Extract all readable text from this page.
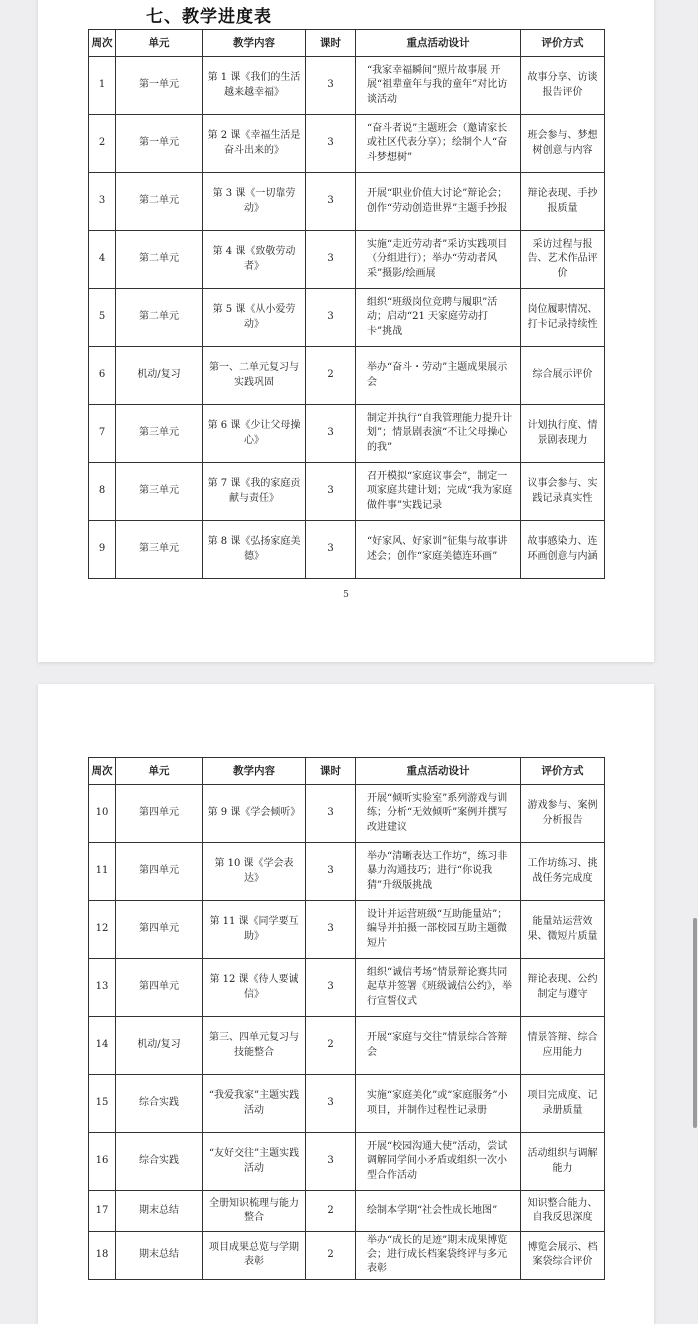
七、教学进度表
周次	单元	教学内容	课时	重点活动设计	评价方式
1	第一单元	第 1 课《我们的生活越来越幸福》	3	“我家幸福瞬间”照片故事展 开展“祖辈童年与我的童年”对比访谈活动	故事分享、访谈报告评价
2	第一单元	第 2 课《幸福生活是奋斗出来的》	3	“奋斗者说”主题班会（邀请家长或社区代表分享）；绘制个人“奋斗梦想树”	班会参与、梦想树创意与内容
3	第二单元	第 3 课《一切靠劳动》	3	开展“职业价值大讨论”辩论会；创作“劳动创造世界”主题手抄报	辩论表现、手抄报质量
4	第二单元	第 4 课《致敬劳动者》	3	实施“走近劳动者”采访实践项目（分组进行）；举办“劳动者风采”摄影/绘画展	采访过程与报告、艺术作品评价
5	第二单元	第 5 课《从小爱劳动》	3	组织“班级岗位竞聘与履职”活动；启动“21 天家庭劳动打卡”挑战	岗位履职情况、打卡记录持续性
6	机动/复习	第一、二单元复习与实践巩固	2	举办“奋斗・劳动”主题成果展示会	综合展示评价
7	第三单元	第 6 课《少让父母操心》	3	制定并执行“自我管理能力提升计划”；情景剧表演“不让父母操心的我”	计划执行度、情景剧表现力
8	第三单元	第 7 课《我的家庭贡献与责任》	3	召开模拟“家庭议事会”，制定一项家庭共建计划；完成“我为家庭做件事”实践记录	议事会参与、实践记录真实性
9	第三单元	第 8 课《弘扬家庭美德》	3	“好家风、好家训”征集与故事讲述会；创作“家庭美德连环画”	故事感染力、连环画创意与内涵
5
周次	单元	教学内容	课时	重点活动设计	评价方式
10	第四单元	第 9 课《学会倾听》	3	开展“倾听实验室”系列游戏与训练；分析“无效倾听”案例并撰写改进建议	游戏参与、案例分析报告
11	第四单元	第 10 课《学会表达》	3	举办“清晰表达工作坊”，练习非暴力沟通技巧；进行“你说我猜”升级版挑战	工作坊练习、挑战任务完成度
12	第四单元	第 11 课《同学要互助》	3	设计并运营班级“互助能量站”；编导并拍摄一部校园互助主题微短片	能量站运营效果、微短片质量
13	第四单元	第 12 课《待人要诚信》	3	组织“诚信考场”情景辩论赛共同起草并签署《班级诚信公约》，举行宣誓仪式	辩论表现、公约制定与遵守
14	机动/复习	第三、四单元复习与技能整合	2	开展“家庭与交往”情景综合答辩会	情景答辩、综合应用能力
15	综合实践	“我爱我家”主题实践活动	3	实施“家庭美化”或“家庭服务”小项目，并制作过程性记录册	项目完成度、记录册质量
16	综合实践	“友好交往”主题实践活动	3	开展“校园沟通大使”活动，尝试调解同学间小矛盾或组织一次小型合作活动	活动组织与调解能力
17	期末总结	全册知识梳理与能力整合	2	绘制本学期“社会性成长地图”	知识整合能力、自我反思深度
18	期末总结	项目成果总览与学期表彰	2	举办“成长的足迹”期末成果博览会；进行成长档案袋终评与多元表彰	博览会展示、档案袋综合评价
